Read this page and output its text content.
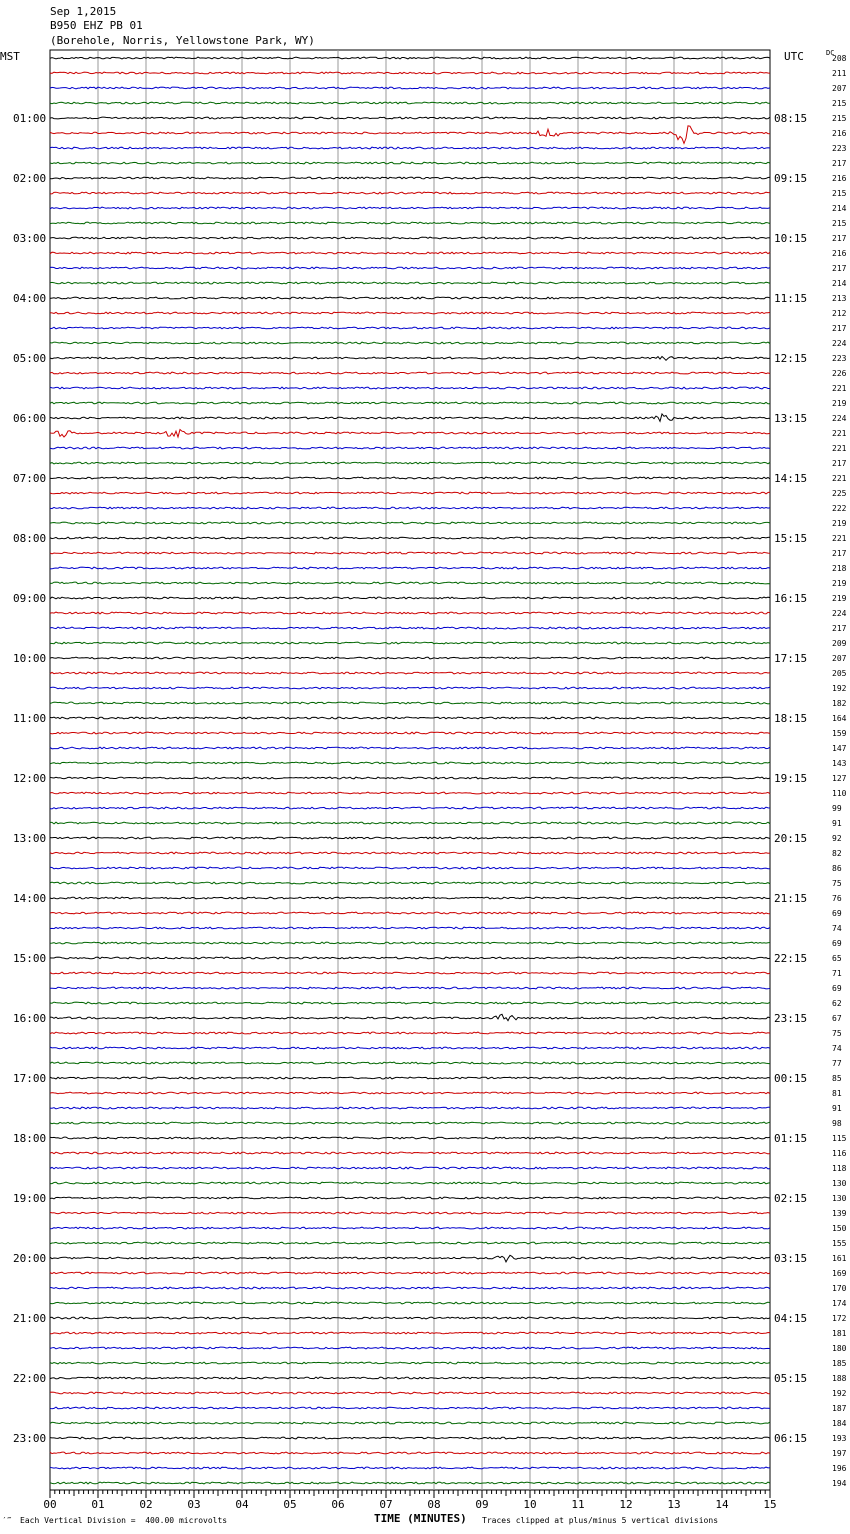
Sep 1,2015
B950 EHZ PB 01
(Borehole, Norris, Yellowstone Park, WY)
00	01	02	03	04	05	06	07	08	09	10	11	12	13	14	15
MST	UTC	DC
208
211
207
215
215
216
223
217
216
215
214
215
217
216
217
214
213
212
217
224
223
226
221
219
224
221
221
217
221
225
222
219
221
217
218
219
219
224
217
209
207
205
192
182
164
159
147
143
127
110
99
91
92
82
86
75
76
69
74
69
65
71
69
62
67
75
74
77
85
81
91
98
115
116
118
130
130
139
150
155
161
169
170
174
172
181
180
185
188
192
187
184
193
197
196
194
01:00
02:00
03:00
04:00
05:00
06:00
07:00
08:00
09:00
10:00
11:00
12:00
13:00
14:00
15:00
16:00
17:00
18:00
19:00
20:00
21:00
22:00
23:00
08:15
09:15
10:15
11:15
12:15
13:15
14:15
15:15
16:15
17:15
18:15
19:15
20:15
21:15
22:15
23:15
00:15
01:15
02:15
03:15
04:15
05:15
06:15
′‴ Each Vertical Division =  400.00 microvolts	TIME (MINUTES) Traces clipped at plus/minus 5 vertical divisions
